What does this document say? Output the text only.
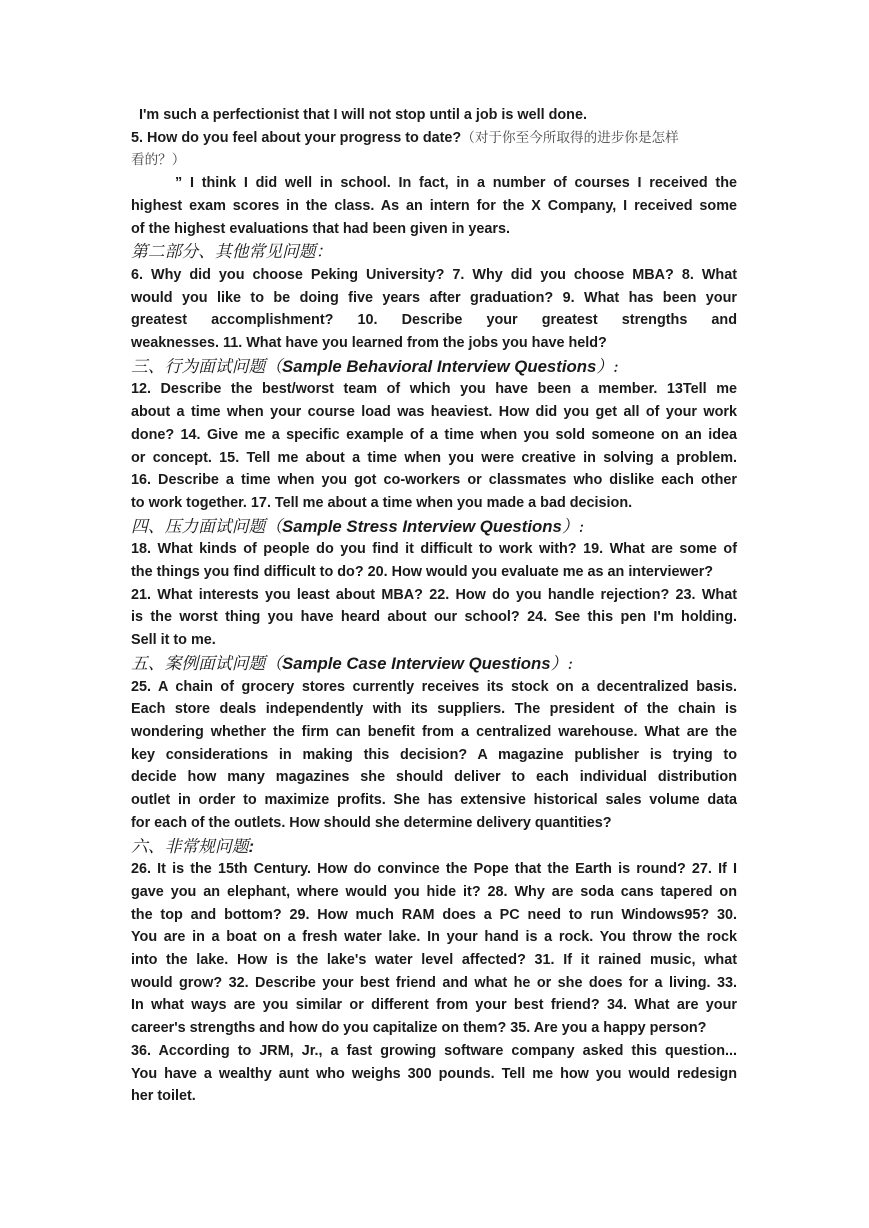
I'm such a perfectionist that I will not stop until a job is well done.
5. How do you feel about your progress to date?（对于你至今所取得的进步你是怎样
看的？）
” I think I did well in school. In fact, in a number of courses I received the
highest exam scores in the class. As an intern for the X Company, I received some
of the highest evaluations that had been given in years.
第二部分、其他常见问题：
6. Why did you choose Peking University? 7. Why did you choose MBA? 8. What
would you like to be doing five years after graduation? 9. What has been your
greatest accomplishment? 10. Describe your greatest strengths and
weaknesses. 11. What have you learned from the jobs you have held?
三、行为面试问题（Sample Behavioral Interview Questions）:
12. Describe the best/worst team of which you have been a member. 13Tell me
about a time when your course load was heaviest. How did you get all of your work
done? 14. Give me a specific example of a time when you sold someone on an idea
or concept. 15. Tell me about a time when you were creative in solving a problem.
16. Describe a time when you got co-workers or classmates who dislike each other
to work together. 17. Tell me about a time when you made a bad decision.
四、压力面试问题（Sample Stress Interview Questions）:
18. What kinds of people do you find it difficult to work with? 19. What are some of
the things you find difficult to do? 20. How would you evaluate me as an interviewer?
21. What interests you least about MBA? 22. How do you handle rejection? 23. What
is the worst thing you have heard about our school? 24. See this pen I'm holding.
Sell it to me.
五、案例面试问题（Sample Case Interview Questions）:
25. A chain of grocery stores currently receives its stock on a decentralized basis.
Each store deals independently with its suppliers. The president of the chain is
wondering whether the firm can benefit from a centralized warehouse. What are the
key considerations in making this decision? A magazine publisher is trying to
decide how many magazines she should deliver to each individual distribution
outlet in order to maximize profits. She has extensive historical sales volume data
for each of the outlets. How should she determine delivery quantities?
六、非常规问题:
26. It is the 15th Century. How do convince the Pope that the Earth is round? 27. If I
gave you an elephant, where would you hide it? 28. Why are soda cans tapered on
the top and bottom? 29. How much RAM does a PC need to run Windows95? 30.
You are in a boat on a fresh water lake. In your hand is a rock. You throw the rock
into the lake. How is the lake's water level affected? 31. If it rained music, what
would grow? 32. Describe your best friend and what he or she does for a living. 33.
In what ways are you similar or different from your best friend? 34. What are your
career's strengths and how do you capitalize on them? 35. Are you a happy person?
36. According to JRM, Jr., a fast growing software company asked this question...
You have a wealthy aunt who weighs 300 pounds. Tell me how you would redesign
her toilet.
